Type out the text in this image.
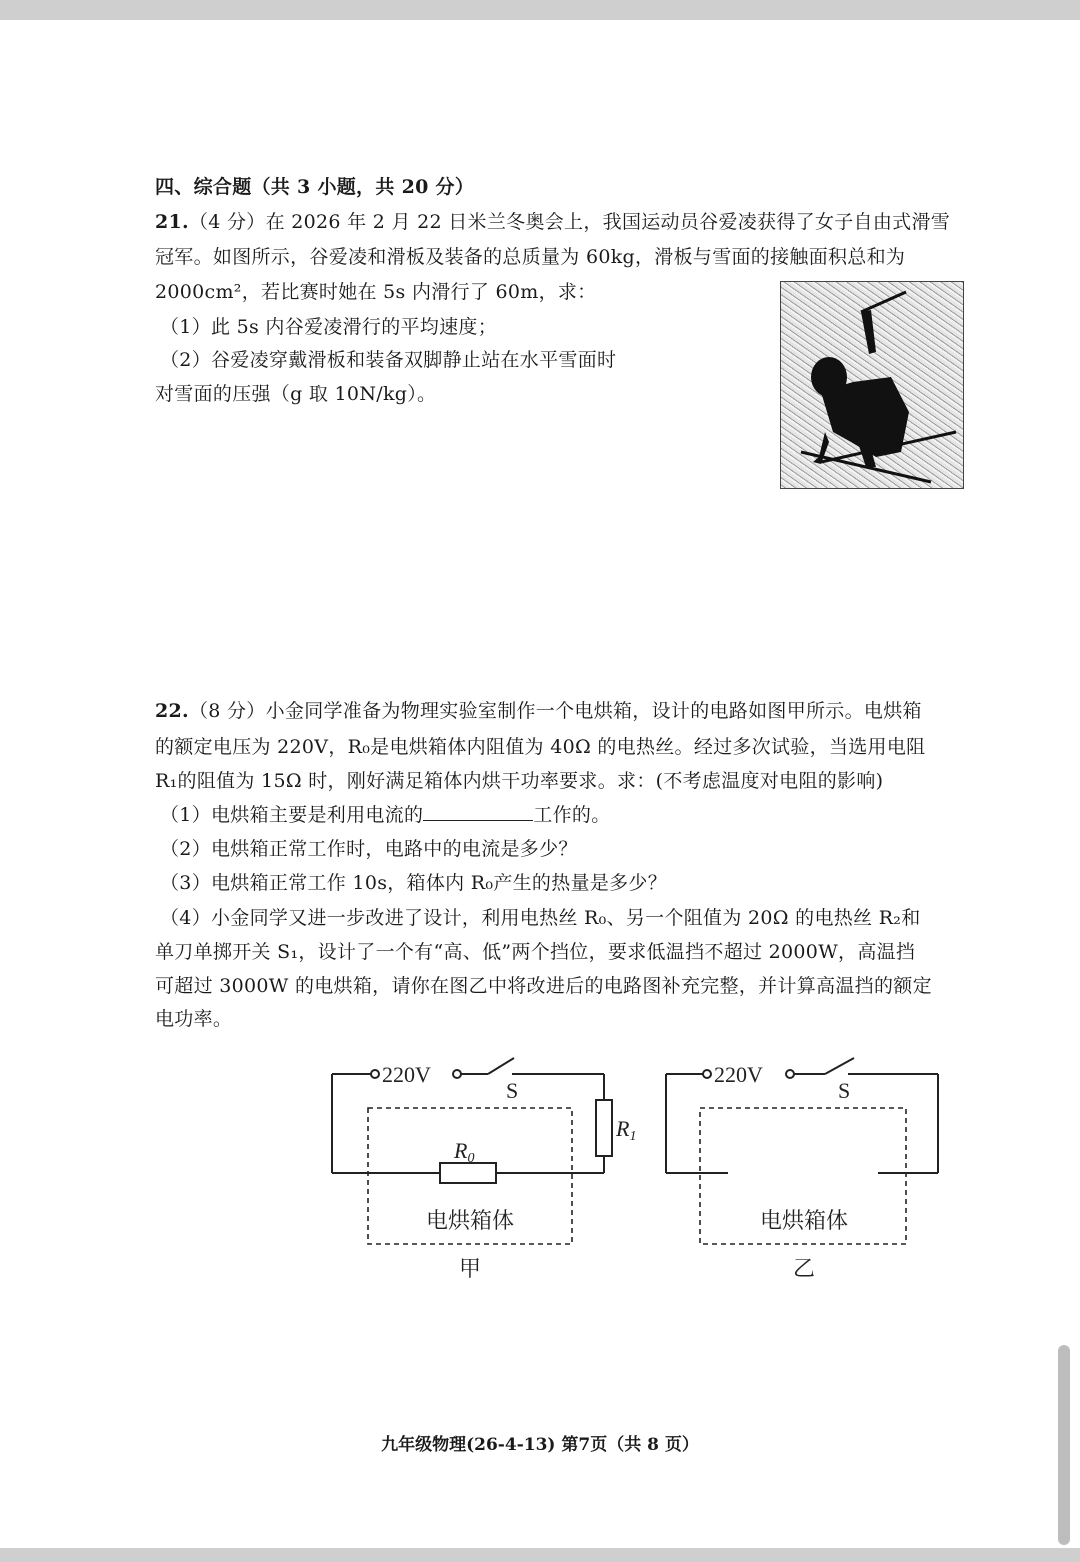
四、综合题（共 3 小题，共 20 分）
21.（4 分）在 2026 年 2 月 22 日米兰冬奥会上，我国运动员谷爱凌获得了女子自由式滑雪
冠军。如图所示，谷爱凌和滑板及装备的总质量为 60kg，滑板与雪面的接触面积总和为
2000cm²，若比赛时她在 5s 内滑行了 60m，求：
（1）此 5s 内谷爱凌滑行的平均速度；
（2）谷爱凌穿戴滑板和装备双脚静止站在水平雪面时
对雪面的压强（g 取 10N/kg）。
22.（8 分）小金同学准备为物理实验室制作一个电烘箱，设计的电路如图甲所示。电烘箱
的额定电压为 220V，R₀是电烘箱体内阻值为 40Ω 的电热丝。经过多次试验，当选用电阻
R₁的阻值为 15Ω 时，刚好满足箱体内烘干功率要求。求：(不考虑温度对电阻的影响)
（1）电烘箱主要是利用电流的	工作的。
（2）电烘箱正常工作时，电路中的电流是多少？
（3）电烘箱正常工作 10s，箱体内 R₀产生的热量是多少？
（4）小金同学又进一步改进了设计，利用电热丝 R₀、另一个阻值为 20Ω 的电热丝 R₂和
单刀单掷开关 S₁，设计了一个有“高、低”两个挡位，要求低温挡不超过 2000W，高温挡
可超过 3000W 的电烘箱，请你在图乙中将改进后的电路图补充完整，并计算高温挡的额定
电功率。
220V
S
R1
R0
电烘箱体
甲
220V
S
电烘箱体
乙
九年级物理(26-4-13) 第7页（共 8 页）
